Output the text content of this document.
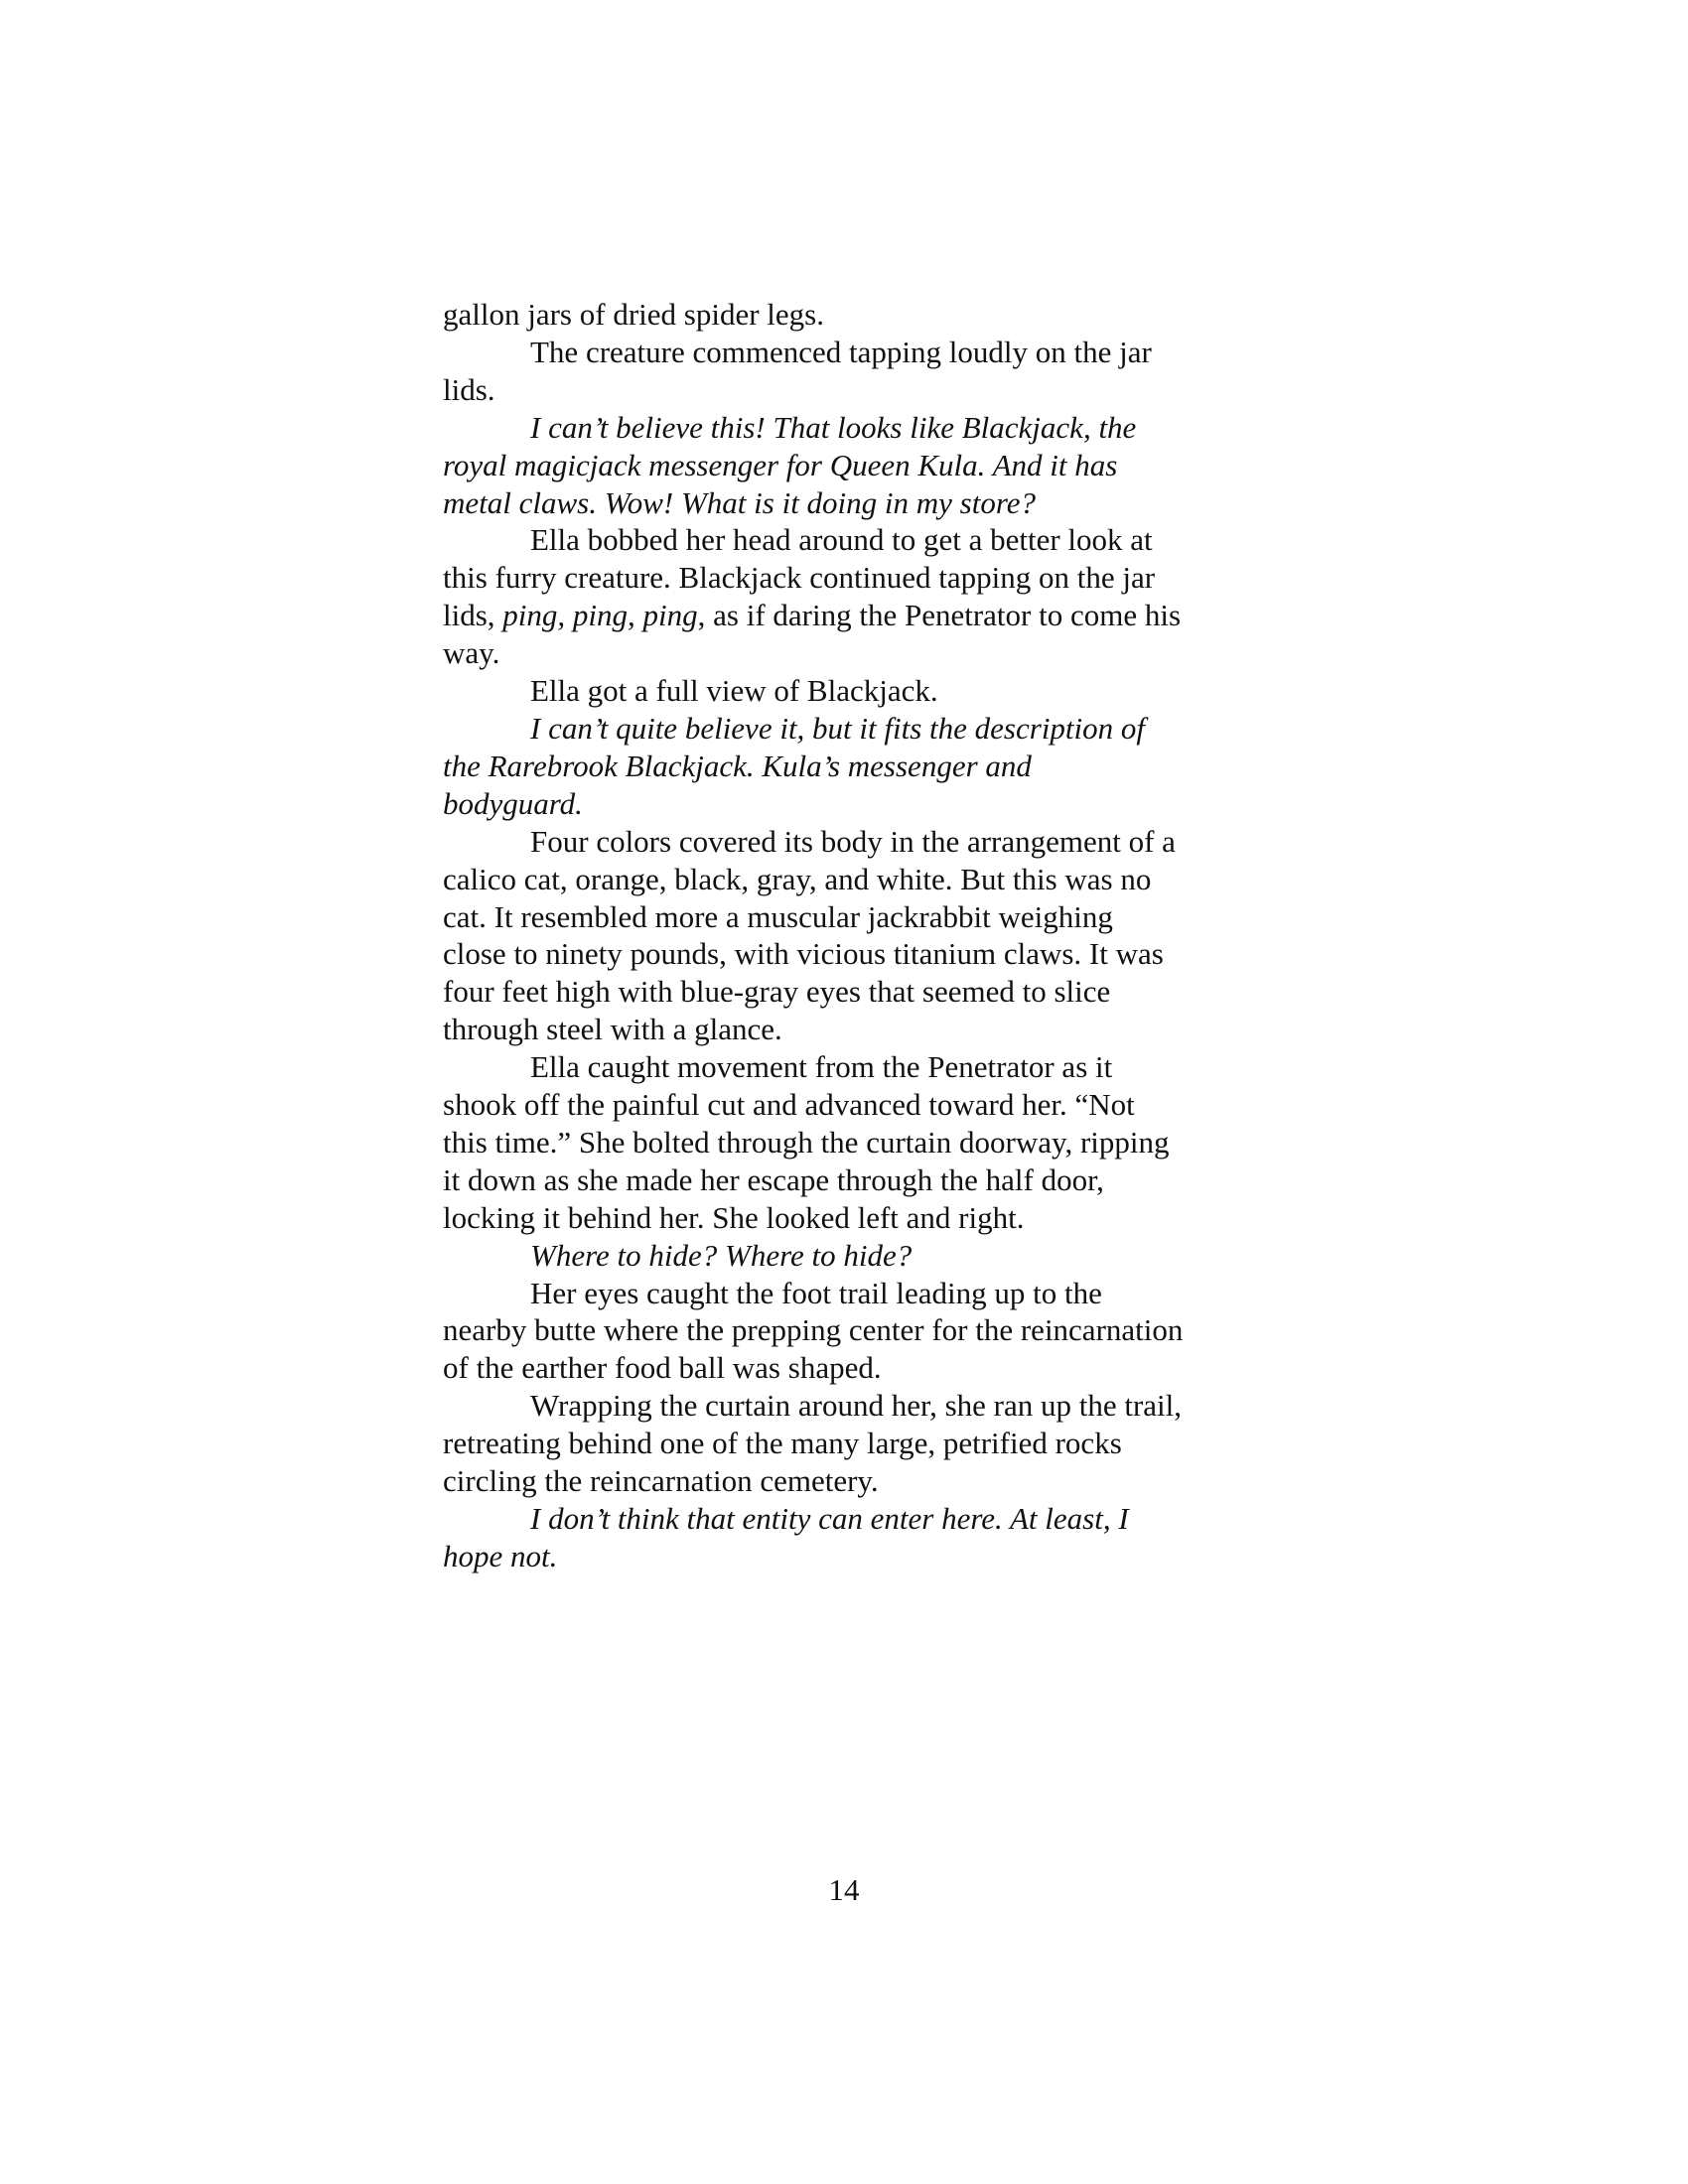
gallon jars of dried spider legs.
The creature commenced tapping loudly on the jar
lids.
I can’t believe this! That looks like Blackjack, the
royal magicjack messenger for Queen Kula. And it has
metal claws. Wow! What is it doing in my store?
Ella bobbed her head around to get a better look at
this furry creature. Blackjack continued tapping on the jar
lids, ping, ping, ping, as if daring the Penetrator to come his
way.
Ella got a full view of Blackjack.
I can’t quite believe it, but it fits the description of
the Rarebrook Blackjack. Kula’s messenger and
bodyguard.
Four colors covered its body in the arrangement of a
calico cat, orange, black, gray, and white. But this was no
cat. It resembled more a muscular jackrabbit weighing
close to ninety pounds, with vicious titanium claws. It was
four feet high with blue-gray eyes that seemed to slice
through steel with a glance.
Ella caught movement from the Penetrator as it
shook off the painful cut and advanced toward her. “Not
this time.” She bolted through the curtain doorway, ripping
it down as she made her escape through the half door,
locking it behind her. She looked left and right.
Where to hide? Where to hide?
Her eyes caught the foot trail leading up to the
nearby butte where the prepping center for the reincarnation
of the earther food ball was shaped.
Wrapping the curtain around her, she ran up the trail,
retreating behind one of the many large, petrified rocks
circling the reincarnation cemetery.
I don’t think that entity can enter here. At least, I
hope not.
14
